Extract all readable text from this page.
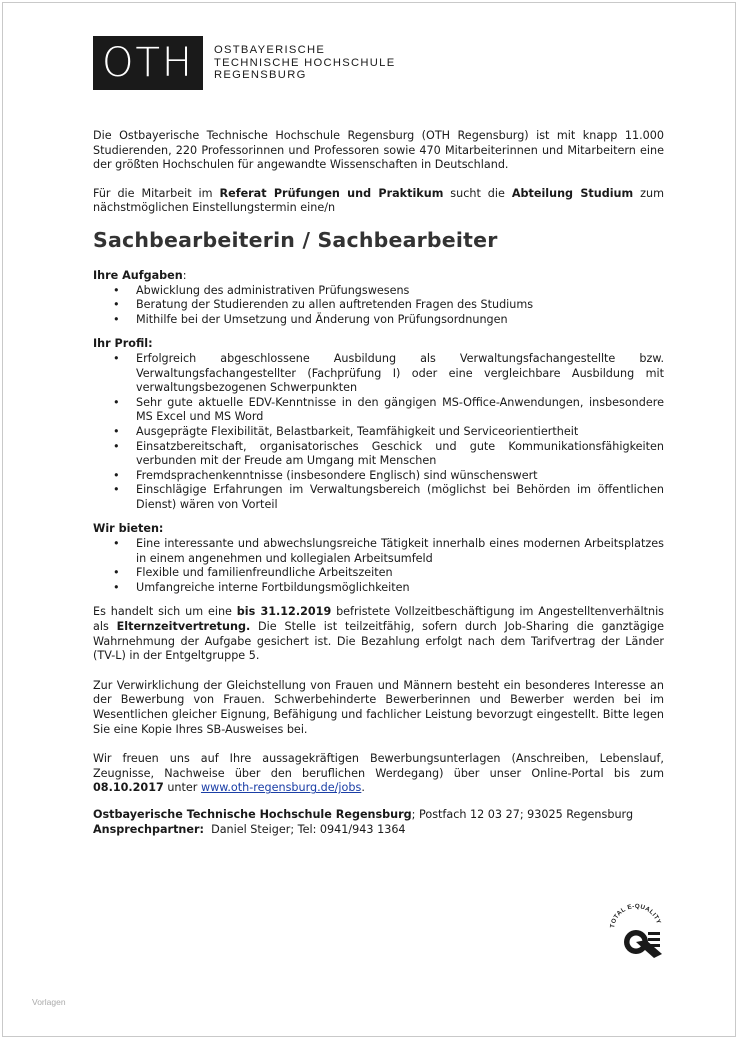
OTH OSTBAYERISCHE
TECHNISCHE HOCHSCHULE
REGENSBURG

Die Ostbayerische Technische Hochschule Regensburg (OTH Regensburg) ist mit knapp 11.000 Studierenden, 220 Professorinnen und Professoren sowie 470 Mitarbeiterinnen und Mitarbeitern eine der größten Hochschulen für angewandte Wissenschaften in Deutschland.

Für die Mitarbeit im Referat Prüfungen und Praktikum sucht die Abteilung Studium zum nächstmöglichen Einstellungstermin eine/n

Sachbearbeiterin / Sachbearbeiter
Ihre Aufgaben:
• Abwicklung des administrativen Prüfungswesens
• Beratung der Studierenden zu allen auftretenden Fragen des Studiums
• Mithilfe bei der Umsetzung und Änderung von Prüfungsordnungen
Ihr Profil:
• Erfolgreich abgeschlossene Ausbildung als Verwaltungsfachangestellte bzw. Verwaltungsfachangestellter (Fachprüfung I) oder eine vergleichbare Ausbildung mit verwaltungsbezogenen Schwerpunkten
• Sehr gute aktuelle EDV-Kenntnisse in den gängigen MS-Office-Anwendungen, insbesondere MS Excel und MS Word
• Ausgeprägte Flexibilität, Belastbarkeit, Teamfähigkeit und Serviceorientiertheit
• Einsatzbereitschaft, organisatorisches Geschick und gute Kommunikationsfähigkeiten verbunden mit der Freude am Umgang mit Menschen
• Fremdsprachenkenntnisse (insbesondere Englisch) sind wünschenswert
• Einschlägige Erfahrungen im Verwaltungsbereich (möglichst bei Behörden im öffentlichen Dienst) wären von Vorteil
Wir bieten:
• Eine interessante und abwechslungsreiche Tätigkeit innerhalb eines modernen Arbeitsplatzes in einem angenehmen und kollegialen Arbeitsumfeld
• Flexible und familienfreundliche Arbeitszeiten
• Umfangreiche interne Fortbildungsmöglichkeiten

Es handelt sich um eine bis 31.12.2019 befristete Vollzeitbeschäftigung im Angestelltenverhältnis als Elternzeitvertretung. Die Stelle ist teilzeitfähig, sofern durch Job-Sharing die ganztägige Wahrnehmung der Aufgabe gesichert ist. Die Bezahlung erfolgt nach dem Tarifvertrag der Länder (TV-L) in der Entgeltgruppe 5.

Zur Verwirklichung der Gleichstellung von Frauen und Männern besteht ein besonderes Interesse an der Bewerbung von Frauen. Schwerbehinderte Bewerberinnen und Bewerber werden bei im Wesentlichen gleicher Eignung, Befähigung und fachlicher Leistung bevorzugt eingestellt. Bitte legen Sie eine Kopie Ihres SB-Ausweises bei.

Wir freuen uns auf Ihre aussagekräftigen Bewerbungsunterlagen (Anschreiben, Lebenslauf, Zeugnisse, Nachweise über den beruflichen Werdegang) über unser Online-Portal bis zum 08.10.2017 unter www.oth-regensburg.de/jobs.

Ostbayerische Technische Hochschule Regensburg; Postfach 12 03 27; 93025 Regensburg
Ansprechpartner:  Daniel Steiger; Tel: 0941/943 1364
TOTAL E-QUALITY
Vorlagen
